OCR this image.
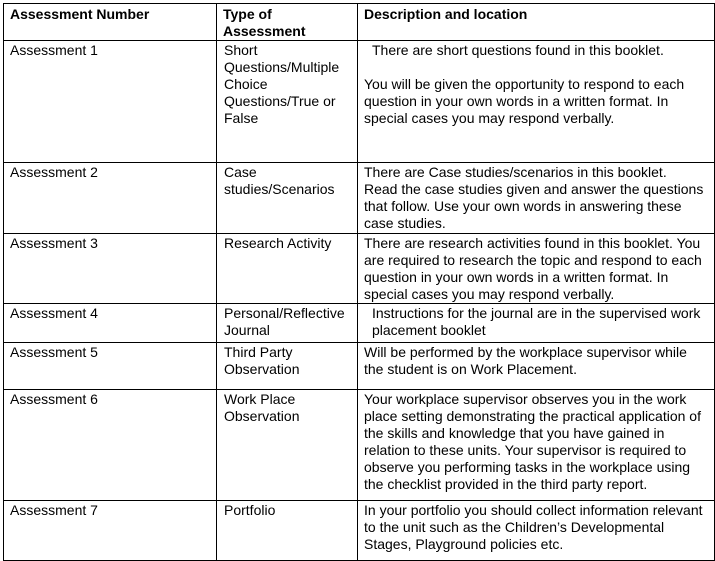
Assessment Number	Type of Assessment	Description and location
Assessment 1	Short Questions/Multiple Choice Questions/True or False	There are short questions found in this booklet.
You will be given the opportunity to respond to each question in your own words in a written format. In special cases you may respond verbally.

Assessment 2	Case studies/Scenarios	There are Case studies/scenarios in this booklet. Read the case studies given and answer the questions that follow. Use your own words in answering these case studies.

Assessment 3	Research Activity	There are research activities found in this booklet. You are required to research the topic and respond to each question in your own words in a written format. In special cases you may respond verbally.

Assessment 4	Personal/Reflective Journal	Instructions for the journal are in the supervised work placement booklet

Assessment 5	Third Party Observation	Will be performed by the workplace supervisor while the student is on Work Placement.

Assessment 6	Work Place Observation	Your workplace supervisor observes you in the work place setting demonstrating the practical application of the skills and knowledge that you have gained in relation to these units. Your supervisor is required to observe you performing tasks in the workplace using the checklist provided in the third party report.

Assessment 7	Portfolio	In your portfolio you should collect information relevant to the unit such as the Children’s Developmental Stages, Playground policies etc.
